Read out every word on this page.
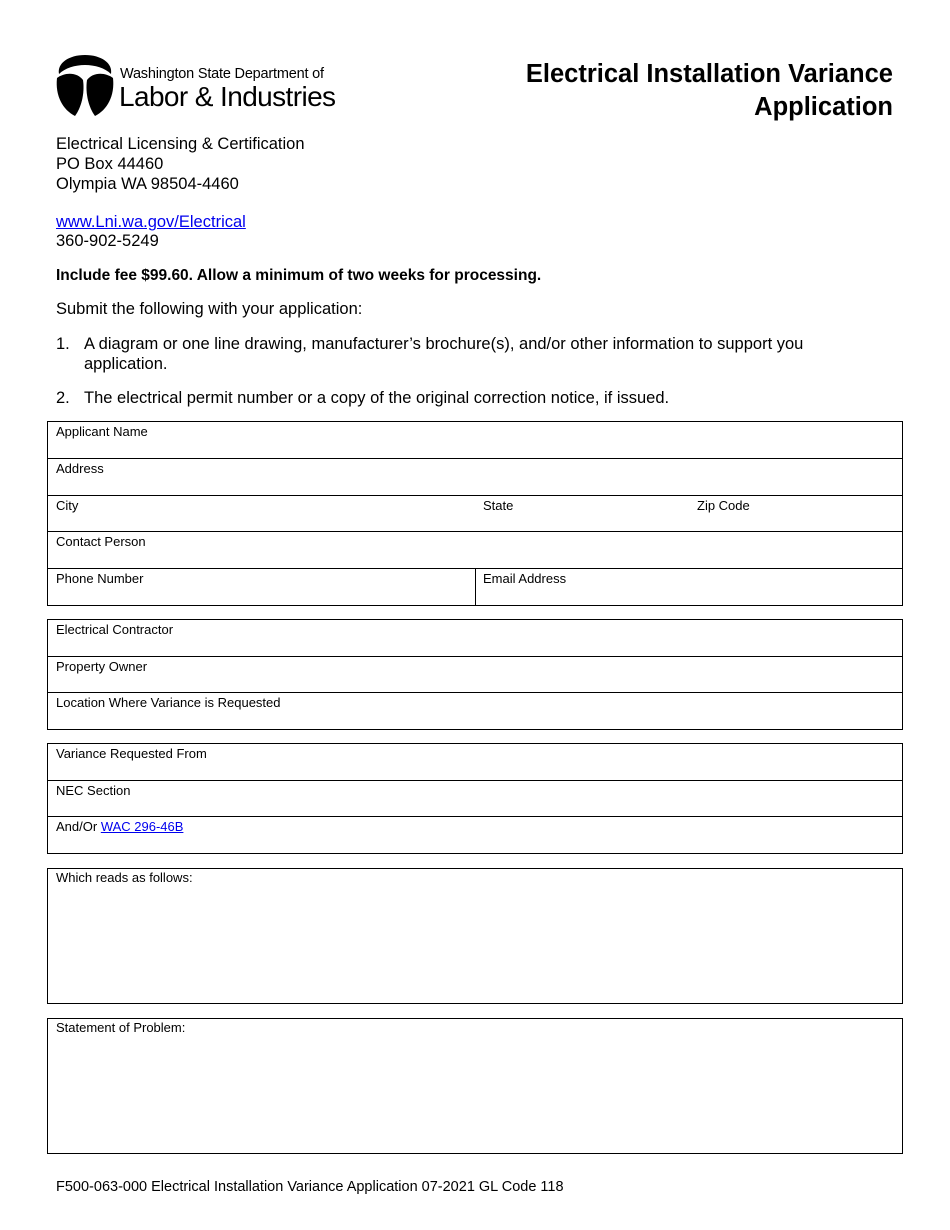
Washington State Department of
Labor & Industries
Electrical Installation Variance
Application
Electrical Licensing & Certification
PO Box 44460
Olympia WA 98504-4460
www.Lni.wa.gov/Electrical
360-902-5249
Include fee $99.60. Allow a minimum of two weeks for processing.
Submit the following with your application:
1. A diagram or one line drawing, manufacturer’s brochure(s), and/or other information to support you application.
2. The electrical permit number or a copy of the original correction notice, if issued.
Applicant Name
Address
City	State	Zip Code
Contact Person
Phone Number	Email Address
Electrical Contractor
Property Owner
Location Where Variance is Requested
Variance Requested From
NEC Section
And/Or WAC 296-46B
Which reads as follows:
Statement of Problem:
F500-063-000 Electrical Installation Variance Application 07-2021 GL Code 118
